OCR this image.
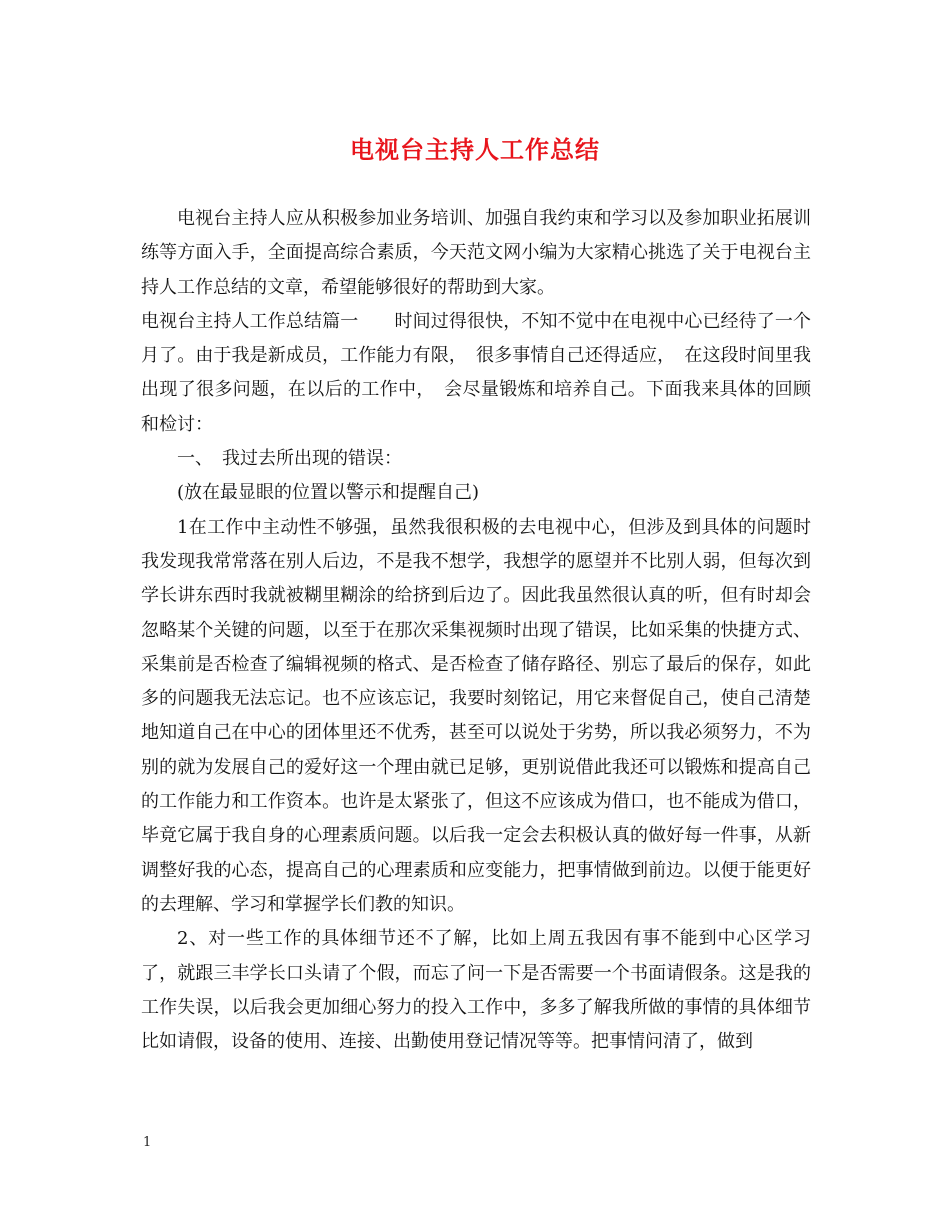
电视台主持人工作总结

电视台主持人应从积极参加业务培训、加强自我约束和学习以及参加职业拓展训练等方面入手，全面提高综合素质，今天范文网小编为大家精心挑选了关于电视台主持人工作总结的文章，希望能够很好的帮助到大家。

电视台主持人工作总结篇一　　时间过得很快，不知不觉中在电视中心已经待了一个月了。由于我是新成员，工作能力有限，　很多事情自己还得适应，　在这段时间里我出现了很多问题，在以后的工作中，　会尽量锻炼和培养自己。下面我来具体的回顾和检讨：

一、　我过去所出现的错误：

(放在最显眼的位置以警示和提醒自己)

1在工作中主动性不够强，虽然我很积极的去电视中心，但涉及到具体的问题时我发现我常常落在别人后边，不是我不想学，我想学的愿望并不比别人弱，但每次到学长讲东西时我就被糊里糊涂的给挤到后边了。因此我虽然很认真的听，但有时却会忽略某个关键的问题，以至于在那次采集视频时出现了错误，比如采集的快捷方式、采集前是否检查了编辑视频的格式、是否检查了储存路径、别忘了最后的保存，如此多的问题我无法忘记。也不应该忘记，我要时刻铭记，用它来督促自己，使自己清楚地知道自己在中心的团体里还不优秀，甚至可以说处于劣势，所以我必须努力，不为别的就为发展自己的爱好这一个理由就已足够，更别说借此我还可以锻炼和提高自己的工作能力和工作资本。也许是太紧张了，但这不应该成为借口，也不能成为借口，毕竟它属于我自身的心理素质问题。以后我一定会去积极认真的做好每一件事，从新调整好我的心态，提高自己的心理素质和应变能力，把事情做到前边。以便于能更好的去理解、学习和掌握学长们教的知识。

2、对一些工作的具体细节还不了解，比如上周五我因有事不能到中心区学习了，就跟三丰学长口头请了个假，而忘了问一下是否需要一个书面请假条。这是我的工作失误，以后我会更加细心努力的投入工作中，多多了解我所做的事情的具体细节比如请假，设备的使用、连接、出勤使用登记情况等等。把事情问清了，做到

1
